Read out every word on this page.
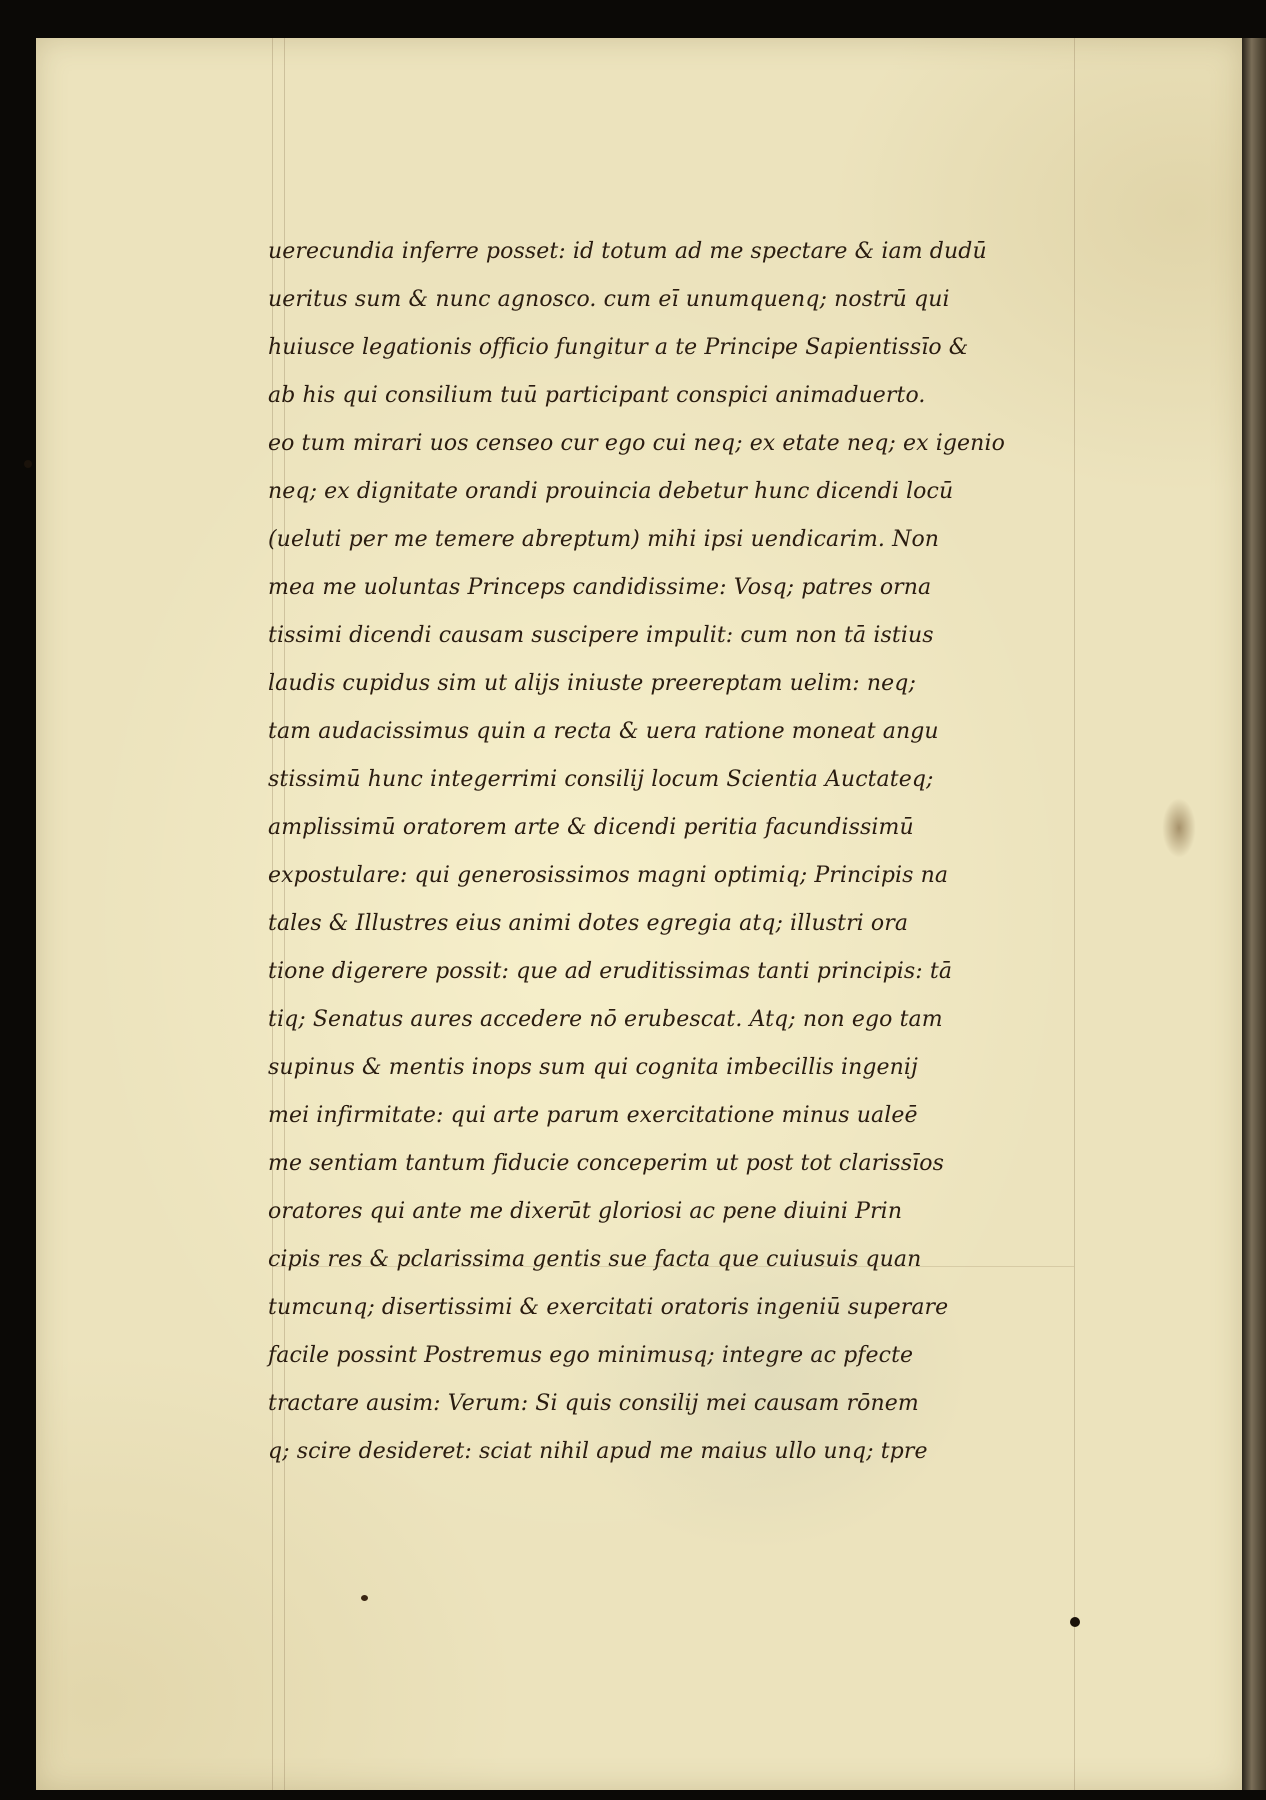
uerecundia inferre posset: id totum ad me spectare & iam dudū
ueritus sum & nunc agnosco. cum eī unumquenq; nostrū qui
huiusce legationis officio fungitur a te Principe Sapientissīo &
ab his qui consilium tuū participant conspici animaduerto.
eo tum mirari uos censeo cur ego cui neq; ex etate neq; ex igenio
neq; ex dignitate orandi prouincia debetur hunc dicendi locū
(ueluti per me temere abreptum) mihi ipsi uendicarim. Non
mea me uoluntas Princeps candidissime: Vosq; patres orna
tissimi dicendi causam suscipere impulit: cum non tā istius
laudis cupidus sim ut alijs iniuste preereptam uelim: neq;
tam audacissimus quin a recta & uera ratione moneat angu
stissimū hunc integerrimi consilij locum Scientia Auctateq;
amplissimū oratorem arte & dicendi peritia facundissimū
expostulare: qui generosissimos magni optimiq; Principis na
tales & Illustres eius animi dotes egregia atq; illustri ora
tione digerere possit: que ad eruditissimas tanti principis: tā
tiq; Senatus aures accedere nō erubescat. Atq; non ego tam
supinus & mentis inops sum qui cognita imbecillis ingenij
mei infirmitate: qui arte parum exercitatione minus ualeē
me sentiam tantum fiducie conceperim ut post tot clarissīos
oratores qui ante me dixerūt gloriosi ac pene diuini Prin
cipis res & pclarissima gentis sue facta que cuiusuis quan
tumcunq; disertissimi & exercitati oratoris ingeniū superare
facile possint Postremus ego minimusq; integre ac pfecte
tractare ausim: Verum: Si quis consilij mei causam rōnem
q; scire desideret: sciat nihil apud me maius ullo unq; tpre
